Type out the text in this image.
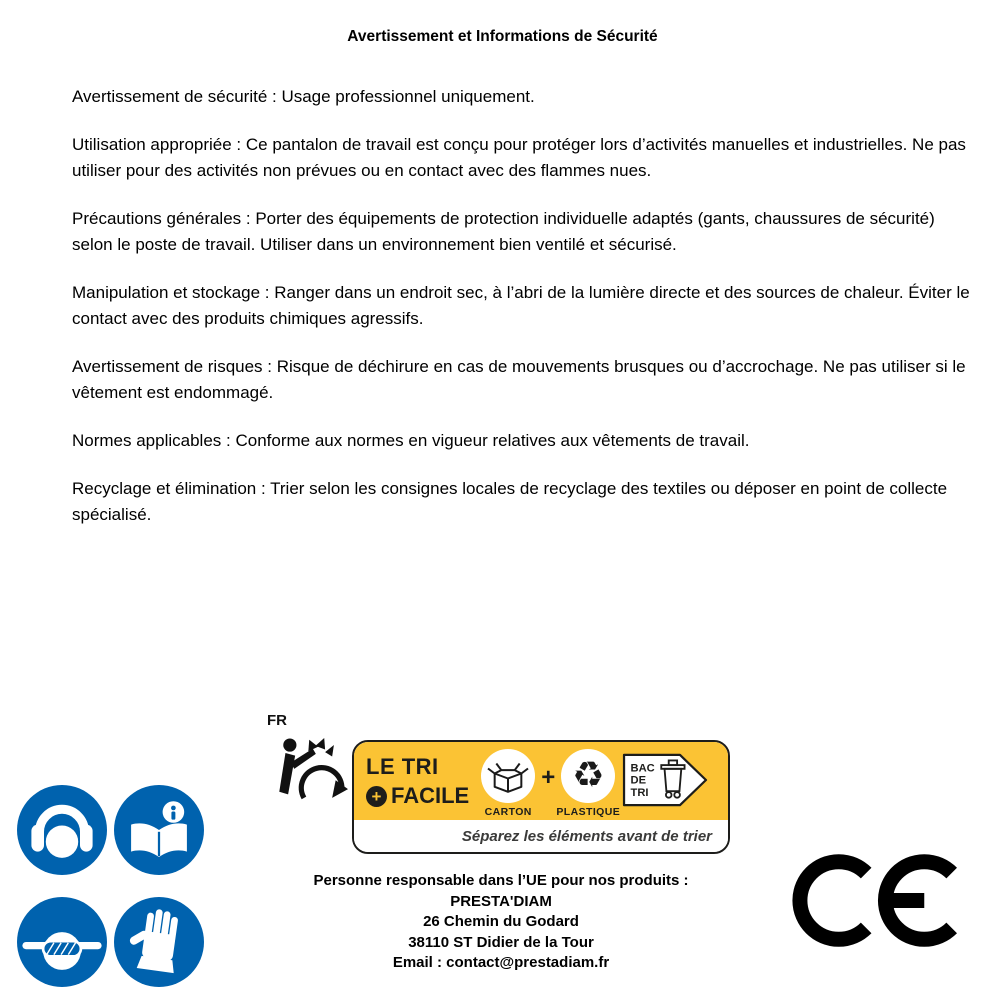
Avertissement et Informations de Sécurité

Avertissement de sécurité : Usage professionnel uniquement.

Utilisation appropriée : Ce pantalon de travail est conçu pour protéger lors d’activités manuelles et industrielles. Ne pas utiliser pour des activités non prévues ou en contact avec des flammes nues.

Précautions générales : Porter des équipements de protection individuelle adaptés (gants, chaussures de sécurité) selon le poste de travail. Utiliser dans un environnement bien ventilé et sécurisé.

Manipulation et stockage : Ranger dans un endroit sec, à l’abri de la lumière directe et des sources de chaleur. Éviter le contact avec des produits chimiques agressifs.

Avertissement de risques : Risque de déchirure en cas de mouvements brusques ou d’accrochage. Ne pas utiliser si le vêtement est endommagé.

Normes applicables : Conforme aux normes en vigueur relatives aux vêtements de travail.

Recyclage et élimination : Trier selon les consignes locales de recyclage des textiles ou déposer en point de collecte spécialisé.

FR
LE TRI
+ FACILE
CARTON
+ ♻
PLASTIQUE
BAC
DE
TRI
Séparez les éléments avant de trier
Personne responsable dans l’UE pour nos produits :
PRESTA'DIAM
26 Chemin du Godard
38110 ST Didier de la Tour
Email : contact@prestadiam.fr
